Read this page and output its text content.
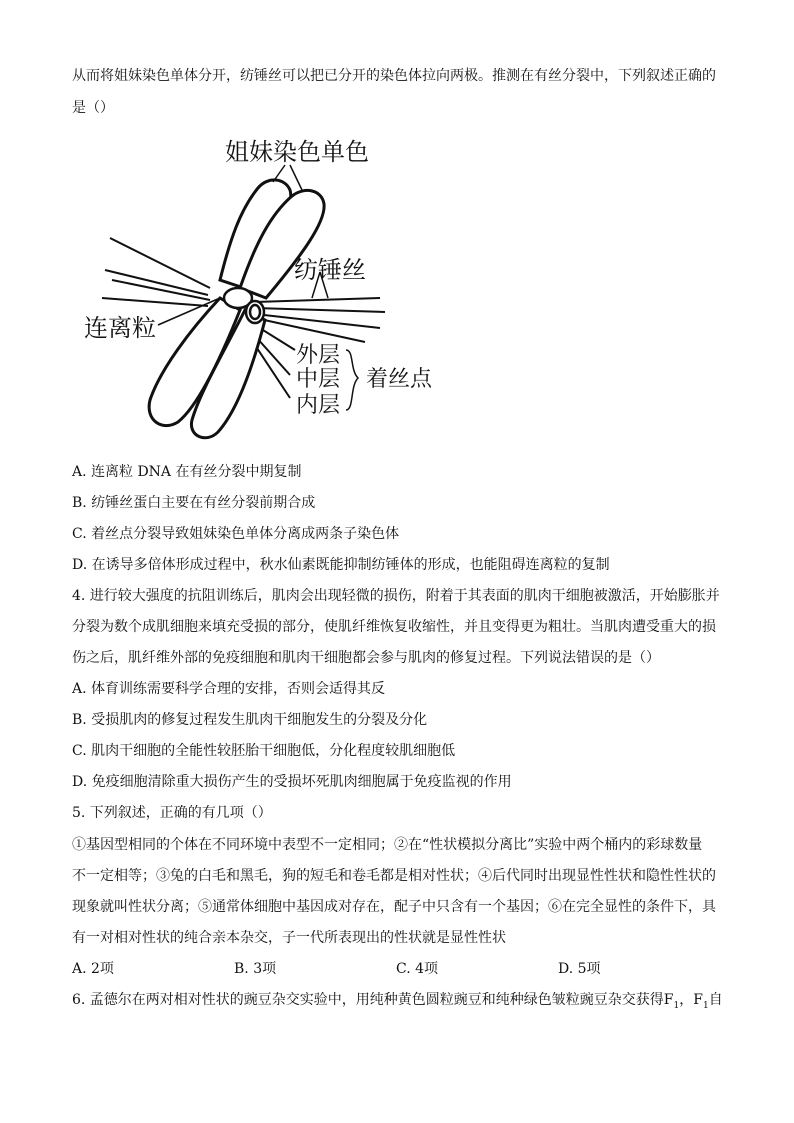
从而将姐妹染色单体分开，纺锤丝可以把已分开的染色体拉向两极。推测在有丝分裂中，下列叙述正确的
是（）
姐妹染色单色
纺锤丝
连离粒
外层
中层
内层
着丝点
A. 连离粒 DNA 在有丝分裂中期复制
B. 纺锤丝蛋白主要在有丝分裂前期合成
C. 着丝点分裂导致姐妹染色单体分离成两条子染色体
D. 在诱导多倍体形成过程中，秋水仙素既能抑制纺锤体的形成，也能阻碍连离粒的复制
4. 进行较大强度的抗阻训练后，肌肉会出现轻微的损伤，附着于其表面的肌肉干细胞被激活，开始膨胀并
分裂为数个成肌细胞来填充受损的部分，使肌纤维恢复收缩性，并且变得更为粗壮。当肌肉遭受重大的损
伤之后，肌纤维外部的免疫细胞和肌肉干细胞都会参与肌肉的修复过程。下列说法错误的是（）
A. 体育训练需要科学合理的安排，否则会适得其反
B. 受损肌肉的修复过程发生肌肉干细胞发生的分裂及分化
C. 肌肉干细胞的全能性较胚胎干细胞低，分化程度较肌细胞低
D. 免疫细胞清除重大损伤产生的受损坏死肌肉细胞属于免疫监视的作用
5. 下列叙述，正确的有几项（）
①基因型相同的个体在不同环境中表型不一定相同；②在“性状模拟分离比”实验中两个桶内的彩球数量
不一定相等；③兔的白毛和黑毛，狗的短毛和卷毛都是相对性状；④后代同时出现显性性状和隐性性状的
现象就叫性状分离；⑤通常体细胞中基因成对存在，配子中只含有一个基因；⑥在完全显性的条件下，具
有一对相对性状的纯合亲本杂交，子一代所表现出的性状就是显性性状
A. 2项	B. 3项	C. 4项	D. 5项
6. 孟德尔在两对相对性状的豌豆杂交实验中，用纯种黄色圆粒豌豆和纯种绿色皱粒豌豆杂交获得$F_1$，$F_1$自
